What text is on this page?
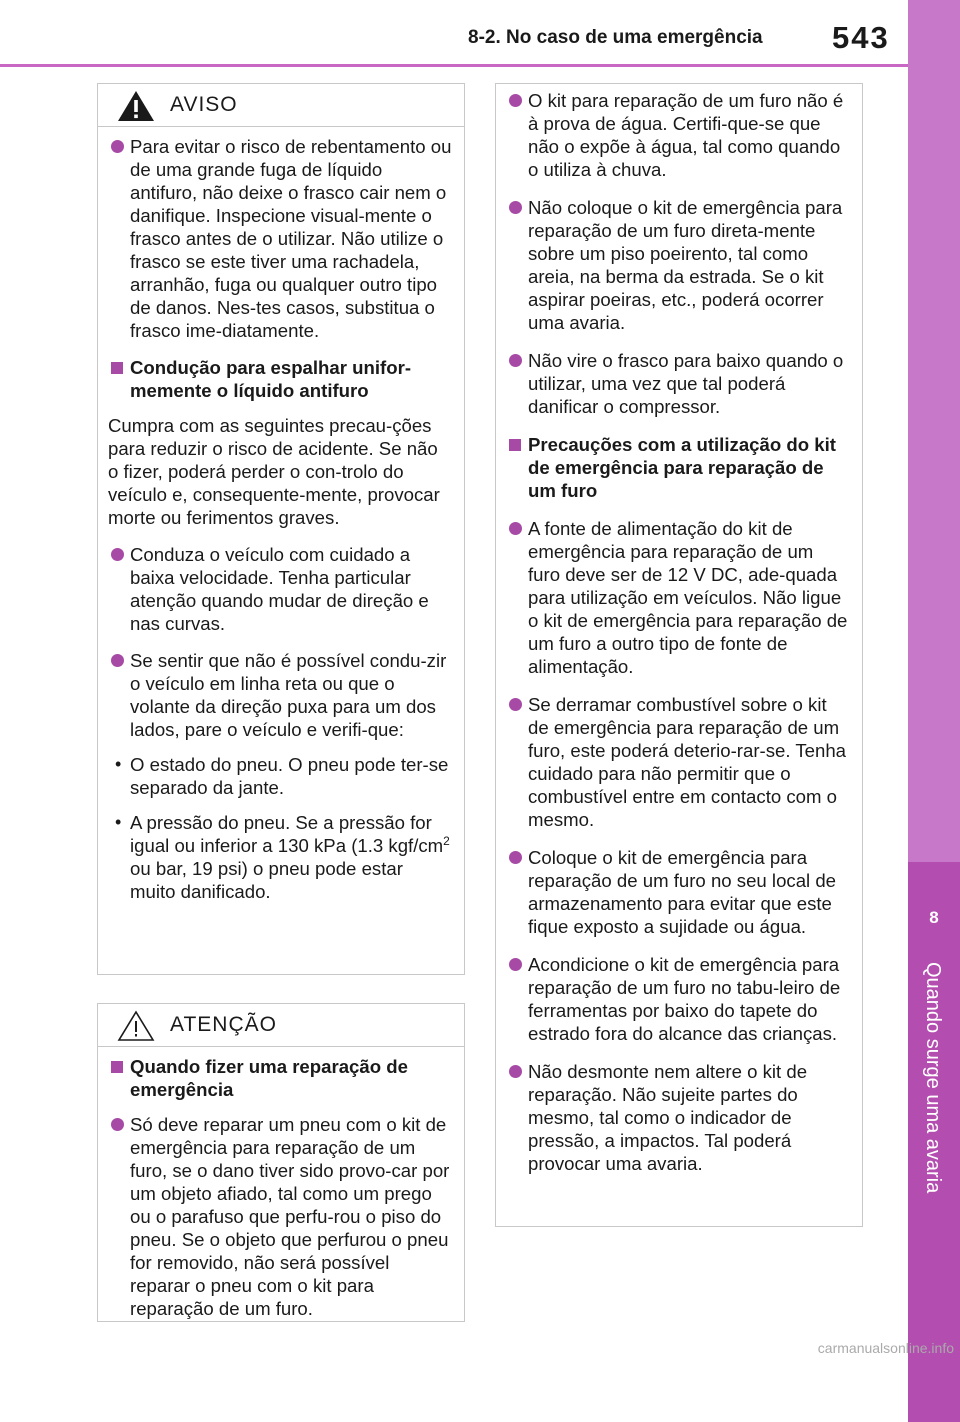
8-2. No caso de uma emergência 543
8
Quando surge uma avaria
AVISO
Para evitar o risco de rebentamento ou de uma grande fuga de líquido antifuro, não deixe o frasco cair nem o danifique. Inspecione visual-mente o frasco antes de o utilizar. Não utilize o frasco se este tiver uma rachadela, arranhão, fuga ou qualquer outro tipo de danos. Nes-tes casos, substitua o frasco ime-diatamente.
Condução para espalhar unifor-memente o líquido antifuro
Cumpra com as seguintes precau-ções para reduzir o risco de acidente. Se não o fizer, poderá perder o con-trolo do veículo e, consequente-mente, provocar morte ou ferimentos graves.
Conduza o veículo com cuidado a baixa velocidade. Tenha particular atenção quando mudar de direção e nas curvas.
Se sentir que não é possível condu-zir o veículo em linha reta ou que o volante da direção puxa para um dos lados, pare o veículo e verifi-que:
• O estado do pneu. O pneu pode ter-se separado da jante.
• A pressão do pneu. Se a pressão for igual ou inferior a 130 kPa (1.3 kgf/$cm^2$ ou bar, 19 psi) o pneu pode estar muito danificado.
ATENÇÃO
Quando fizer uma reparação de emergência
Só deve reparar um pneu com o kit de emergência para reparação de um furo, se o dano tiver sido provo-car por um objeto afiado, tal como um prego ou o parafuso que perfu-rou o piso do pneu. Se o objeto que perfurou o pneu for removido, não será possível reparar o pneu com o kit para reparação de um furo.
O kit para reparação de um furo não é à prova de água. Certifi-que-se que não o expõe à água, tal como quando o utiliza à chuva.
Não coloque o kit de emergência para reparação de um furo direta-mente sobre um piso poeirento, tal como areia, na berma da estrada. Se o kit aspirar poeiras, etc., poderá ocorrer uma avaria.
Não vire o frasco para baixo quando o utilizar, uma vez que tal poderá danificar o compressor.
Precauções com a utilização do kit de emergência para reparação de um furo
A fonte de alimentação do kit de emergência para reparação de um furo deve ser de 12 V DC, ade-quada para utilização em veículos. Não ligue o kit de emergência para reparação de um furo a outro tipo de fonte de alimentação.
Se derramar combustível sobre o kit de emergência para reparação de um furo, este poderá deterio-rar-se. Tenha cuidado para não permitir que o combustível entre em contacto com o mesmo.
Coloque o kit de emergência para reparação de um furo no seu local de armazenamento para evitar que este fique exposto a sujidade ou água.
Acondicione o kit de emergência para reparação de um furo no tabu-leiro de ferramentas por baixo do tapete do estrado fora do alcance das crianças.
Não desmonte nem altere o kit de reparação. Não sujeite partes do mesmo, tal como o indicador de pressão, a impactos. Tal poderá provocar uma avaria.
carmanualsonline.info
